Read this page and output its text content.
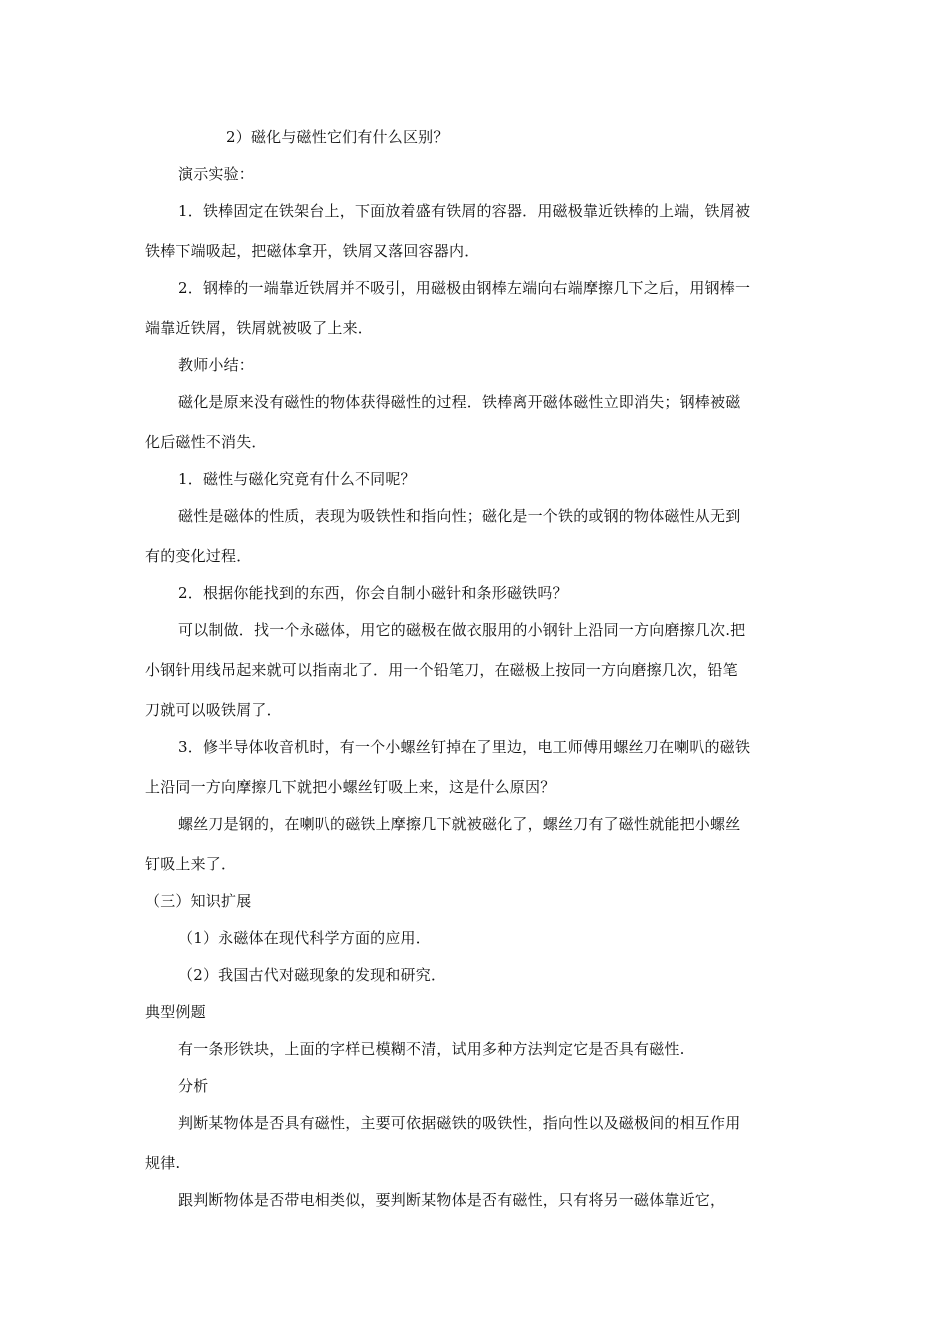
2）磁化与磁性它们有什么区别？
演示实验：
1．铁棒固定在铁架台上，下面放着盛有铁屑的容器．用磁极靠近铁棒的上端，铁屑被
铁棒下端吸起，把磁体拿开，铁屑又落回容器内．
2．钢棒的一端靠近铁屑并不吸引，用磁极由钢棒左端向右端摩擦几下之后，用钢棒一
端靠近铁屑，铁屑就被吸了上来．
教师小结：
磁化是原来没有磁性的物体获得磁性的过程．铁棒离开磁体磁性立即消失；钢棒被磁
化后磁性不消失．
1．磁性与磁化究竟有什么不同呢？
磁性是磁体的性质，表现为吸铁性和指向性；磁化是一个铁的或钢的物体磁性从无到
有的变化过程．
2．根据你能找到的东西，你会自制小磁针和条形磁铁吗？
可以制做．找一个永磁体，用它的磁极在做衣服用的小钢针上沿同一方向磨擦几次.把
小钢针用线吊起来就可以指南北了．用一个铅笔刀，在磁极上按同一方向磨擦几次，铅笔
刀就可以吸铁屑了．
3．修半导体收音机时，有一个小螺丝钉掉在了里边，电工师傅用螺丝刀在喇叭的磁铁
上沿同一方向摩擦几下就把小螺丝钉吸上来，这是什么原因？
螺丝刀是钢的，在喇叭的磁铁上摩擦几下就被磁化了，螺丝刀有了磁性就能把小螺丝
钉吸上来了．
（三）知识扩展
（1）永磁体在现代科学方面的应用．
（2）我国古代对磁现象的发现和研究．
典型例题
有一条形铁块，上面的字样已模糊不清，试用多种方法判定它是否具有磁性.
分析
判断某物体是否具有磁性，主要可依据磁铁的吸铁性，指向性以及磁极间的相互作用
规律.
跟判断物体是否带电相类似，要判断某物体是否有磁性，只有将另一磁体靠近它，
